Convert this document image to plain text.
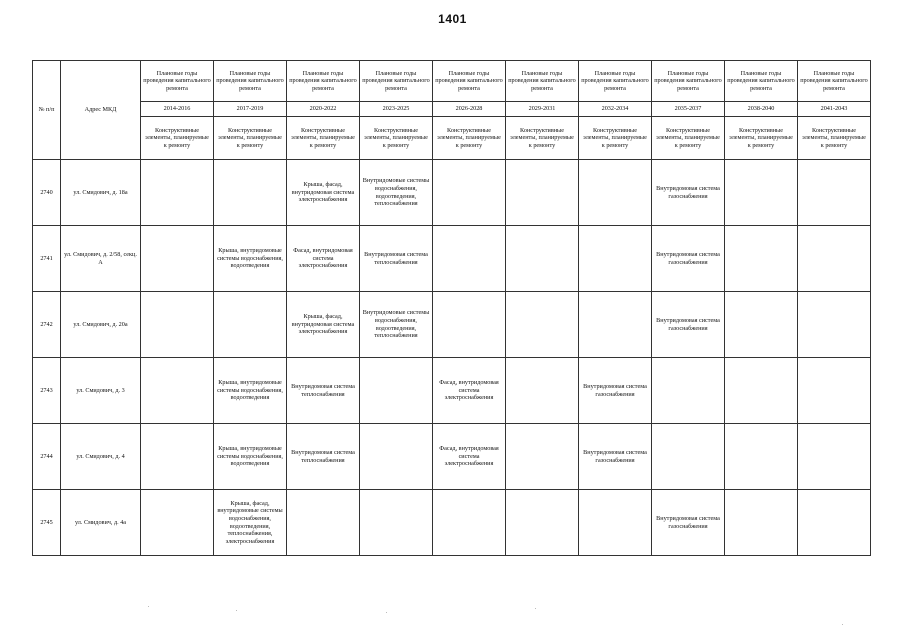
1401
№ п/п	Адрес МКД	Плановые годы проведения капитального ремонта	Плановые годы проведения капитального ремонта	Плановые годы проведения капитального ремонта	Плановые годы проведения капитального ремонта	Плановые годы проведения капитального ремонта	Плановые годы проведения капитального ремонта	Плановые годы проведения капитального ремонта	Плановые годы проведения капитального ремонта	Плановые годы проведения капитального ремонта	Плановые годы проведения капитального ремонта
		2014-2016	2017-2019	2020-2022	2023-2025	2026-2028	2029-2031	2032-2034	2035-2037	2038-2040	2041-2043
		Конструктивные элементы, планируемые к ремонту	Конструктивные элементы, планируемые к ремонту	Конструктивные элементы, планируемые к ремонту	Конструктивные элементы, планируемые к ремонту	Конструктивные элементы, планируемые к ремонту	Конструктивные элементы, планируемые к ремонту	Конструктивные элементы, планируемые к ремонту	Конструктивные элементы, планируемые к ремонту	Конструктивные элементы, планируемые к ремонту	Конструктивные элементы, планируемые к ремонту
2740	ул. Смидович, д. 18а			Крыша, фасад, внутридомовая система электроснабжения	Внутридомовые системы водоснабжения, водоотведения, теплоснабжения				Внутридомовая система газоснабжения		
2741	ул. Смидович, д. 2/58, секц. А		Крыша, внутридомовые системы водоснабжения, водоотведения	Фасад, внутридомовая система электроснабжения	Внутридомовая система теплоснабжения				Внутридомовая система газоснабжения		
2742	ул. Смидович, д. 20а			Крыша, фасад, внутридомовая система электроснабжения	Внутридомовые системы водоснабжения, водоотведения, теплоснабжения				Внутридомовая система газоснабжения		
2743	ул. Смидович, д. 3		Крыша, внутридомовые системы водоснабжения, водоотведения	Внутридомовая система теплоснабжения		Фасад, внутридомовая система электроснабжения		Внутридомовая система газоснабжения			
2744	ул. Смидович, д. 4		Крыша, внутридомовые системы водоснабжения, водоотведения	Внутридомовая система теплоснабжения		Фасад, внутридомовая система электроснабжения		Внутридомовая система газоснабжения			
2745	ул. Смидович, д. 4а		Крыша, фасад, внутридомовые системы водоснабжения, водоотведения, теплоснабжения, электроснабжения						Внутридомовая система газоснабжения		
